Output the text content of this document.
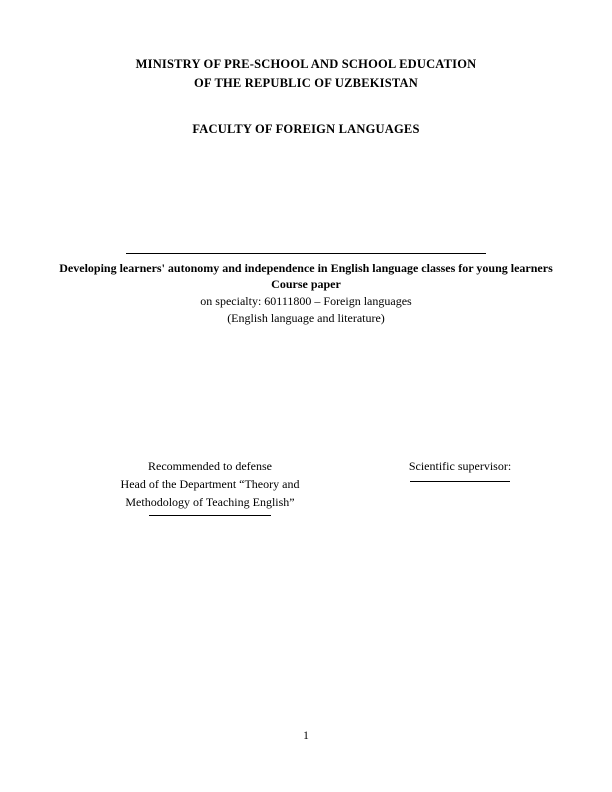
MINISTRY OF PRE-SCHOOL AND SCHOOL EDUCATION
OF THE REPUBLIC OF UZBEKISTAN
FACULTY OF FOREIGN LANGUAGES
Developing learners' autonomy and independence in English language classes for young learners
Course paper
on specialty: 60111800 – Foreign languages
(English language and literature)
Recommended to defense
Head of the Department “Theory and
Methodology of Teaching English”
Scientific supervisor:
1
